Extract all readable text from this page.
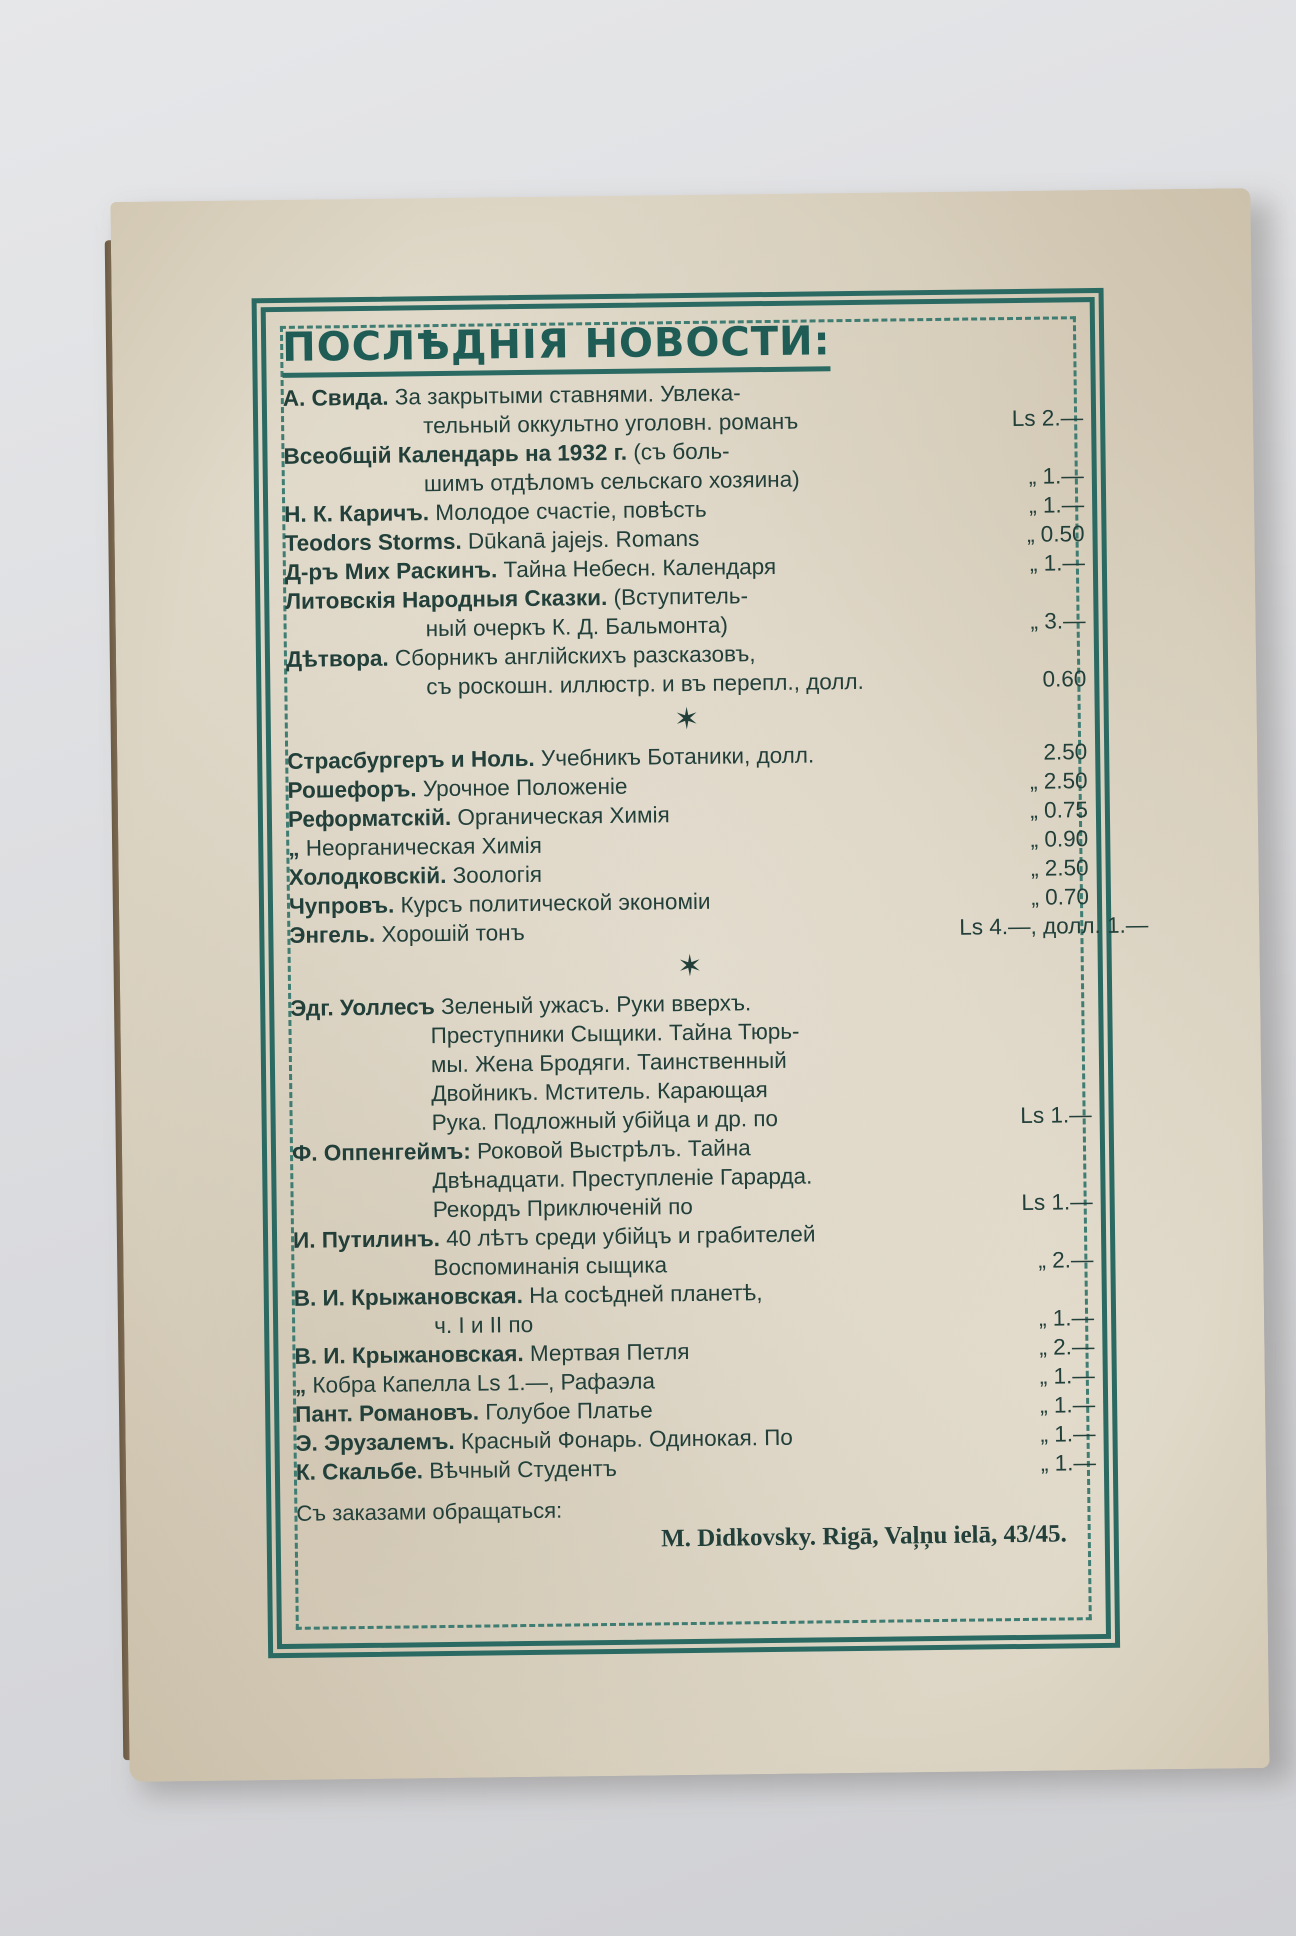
ПОСЛѢДНІЯ НОВОСТИ:
А. Свида. За закрытыми ставнями. Увлека-
тельный оккультно уголовн. романъ	Ls 2.—
Всеобщій Календарь на 1932 г. (съ боль-
шимъ отдѣломъ сельскаго хозяина)	„ 1.—
Н. К. Каричъ. Молодое счастіе, повѣсть	„ 1.—
Teodors Storms. Dūkanā jajejs. Romans	„ 0.50
Д-ръ Мих Раскинъ. Тайна Небесн. Календаря	„ 1.—
Литовскія Народныя Сказки. (Вступитель-
ный очеркъ К. Д. Бальмонта)	„ 3.—
Дѣтвора. Сборникъ англійскихъ разсказовъ,
съ роскошн. иллюстр. и въ перепл., долл.	0.60
✶
Страсбургеръ и Ноль. Учебникъ Ботаники, долл.	2.50
Рошефоръ. Урочное Положеніе	„ 2.50
Реформатскій. Органическая Химія	„ 0.75
„ Неорганическая Химія	„ 0.90
Холодковскій. Зоологія	„ 2.50
Чупровъ. Курсъ политической экономіи	„ 0.70
Энгель. Хорошій тонъ	Ls 4.—, долл. 1.—
✶
Эдг. Уоллесъ Зеленый ужасъ. Руки вверхъ.
Преступники Сыщики. Тайна Тюрь-
мы. Жена Бродяги. Таинственный
Двойникъ. Мститель. Карающая
Рука. Подложный убійца и др. по	Ls 1.—
Ф. Оппенгеймъ: Роковой Выстрѣлъ. Тайна
Двѣнадцати. Преступленіе Гарарда.
Рекордъ Приключеній по	Ls 1.—
И. Путилинъ. 40 лѣтъ среди убійцъ и грабителей
Воспоминанія сыщика	„ 2.—
В. И. Крыжановская. На сосѣдней планетѣ,
ч. I и II по	„ 1.—
В. И. Крыжановская. Мертвая Петля	„ 2.—
„ Кобра Капелла Ls 1.—, Рафаэла	„ 1.—
Пант. Романовъ. Голубое Платье	„ 1.—
Э. Эрузалемъ. Красный Фонарь. Одинокая. По	„ 1.—
К. Скальбе. Вѣчный Студентъ	„ 1.—
Съ заказами обращаться:
M. Didkovsky. Rigā, Vaļņu ielā, 43/45.
